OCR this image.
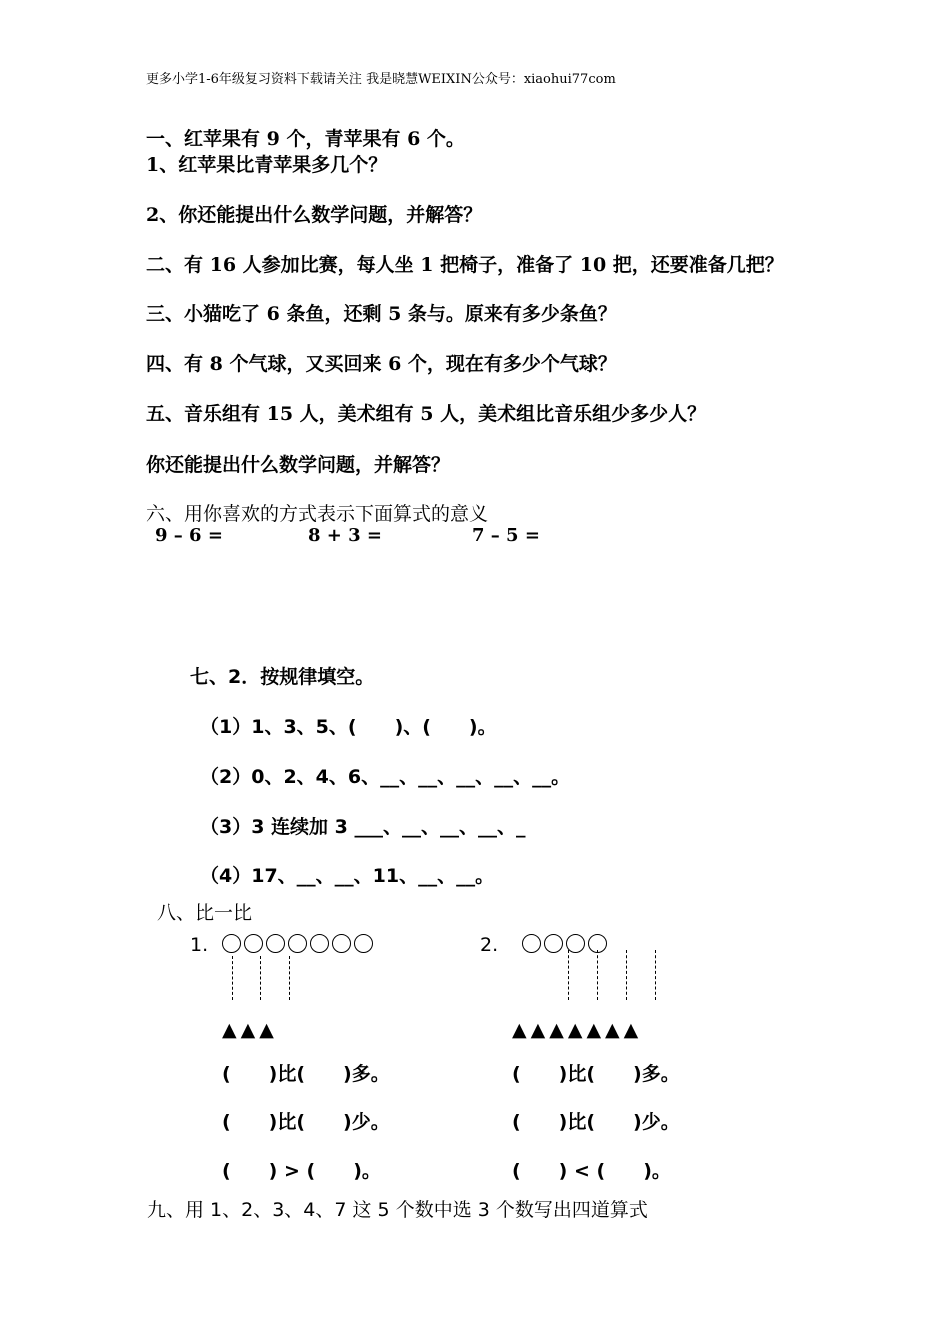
更多小学1-6年级复习资料下载请关注 我是晓慧WEIXIN公众号：xiaohui77com
一、红苹果有 9 个，青苹果有 6 个。
1、红苹果比青苹果多几个？
2、你还能提出什么数学问题，并解答？
二、有 16 人参加比赛，每人坐 1 把椅子，准备了 10 把，还要准备几把？
三、小猫吃了 6 条鱼，还剩 5 条与。原来有多少条鱼？
四、有 8 个气球，又买回来 6 个，现在有多少个气球？
五、音乐组有 15 人，美术组有 5 人，美术组比音乐组少多少人？
你还能提出什么数学问题，并解答？
六、用你喜欢的方式表示下面算式的意义
9 – 6 =	8 + 3 =	7 – 5 =
七、2．按规律填空。
（1）1、3、5、(　　)、(　　)。
（2）0、2、4、6、__、__、__、__、__。
（3）3 连续加 3 ___、__、__、__、_
（4）17、__、__、11、__、__。
八、比一比
1.
▲▲▲
(　　)比(　　)多。
(　　)比(　　)少。
(　　) > (　　)。
2.
▲▲▲▲▲▲▲
(　　)比(　　)多。
(　　)比(　　)少。
(　　) < (　　)。
九、用 1、2、3、4、7 这 5 个数中选 3 个数写出四道算式
